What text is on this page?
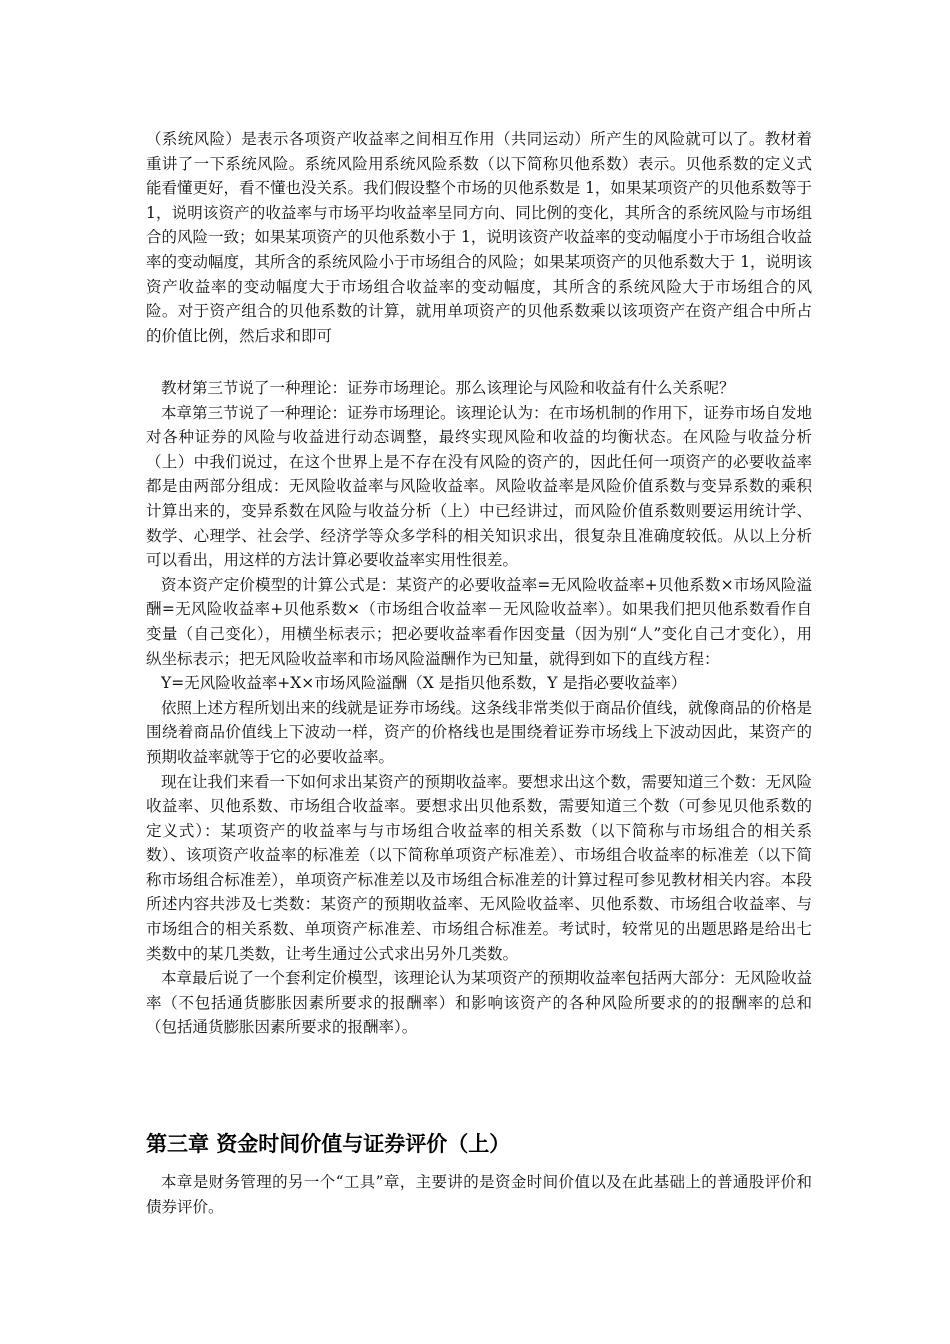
（系统风险）是表示各项资产收益率之间相互作用（共同运动）所产生的风险就可以了。教材着重讲了一下系统风险。系统风险用系统风险系数（以下简称贝他系数）表示。贝他系数的定义式能看懂更好，看不懂也没关系。我们假设整个市场的贝他系数是 1，如果某项资产的贝他系数等于 1，说明该资产的收益率与市场平均收益率呈同方向、同比例的变化，其所含的系统风险与市场组合的风险一致；如果某项资产的贝他系数小于 1，说明该资产收益率的变动幅度小于市场组合收益率的变动幅度，其所含的系统风险小于市场组合的风险；如果某项资产的贝他系数大于 1，说明该资产收益率的变动幅度大于市场组合收益率的变动幅度，其所含的系统风险大于市场组合的风险。对于资产组合的贝他系数的计算，就用单项资产的贝他系数乘以该项资产在资产组合中所占的价值比例，然后求和即可

教材第三节说了一种理论：证券市场理论。那么该理论与风险和收益有什么关系呢？

本章第三节说了一种理论：证券市场理论。该理论认为：在市场机制的作用下，证券市场自发地对各种证券的风险与收益进行动态调整，最终实现风险和收益的均衡状态。在风险与收益分析（上）中我们说过，在这个世界上是不存在没有风险的资产的，因此任何一项资产的必要收益率都是由两部分组成：无风险收益率与风险收益率。风险收益率是风险价值系数与变异系数的乘积计算出来的，变异系数在风险与收益分析（上）中已经讲过，而风险价值系数则要运用统计学、数学、心理学、社会学、经济学等众多学科的相关知识求出，很复杂且准确度较低。从以上分析可以看出，用这样的方法计算必要收益率实用性很差。

资本资产定价模型的计算公式是：某资产的必要收益率=无风险收益率+贝他系数×市场风险溢酬=无风险收益率+贝他系数×（市场组合收益率－无风险收益率）。如果我们把贝他系数看作自变量（自己变化），用横坐标表示；把必要收益率看作因变量（因为别“人”变化自己才变化），用纵坐标表示；把无风险收益率和市场风险溢酬作为已知量，就得到如下的直线方程：

Y=无风险收益率+X×市场风险溢酬（X 是指贝他系数，Y 是指必要收益率）

依照上述方程所划出来的线就是证券市场线。这条线非常类似于商品价值线，就像商品的价格是围绕着商品价值线上下波动一样，资产的价格线也是围绕着证券市场线上下波动因此，某资产的预期收益率就等于它的必要收益率。

现在让我们来看一下如何求出某资产的预期收益率。要想求出这个数，需要知道三个数：无风险收益率、贝他系数、市场组合收益率。要想求出贝他系数，需要知道三个数（可参见贝他系数的定义式）：某项资产的收益率与与市场组合收益率的相关系数（以下简称与市场组合的相关系数）、该项资产收益率的标准差（以下简称单项资产标准差）、市场组合收益率的标准差（以下简称市场组合标准差），单项资产标准差以及市场组合标准差的计算过程可参见教材相关内容。本段所述内容共涉及七类数：某资产的预期收益率、无风险收益率、贝他系数、市场组合收益率、与市场组合的相关系数、单项资产标准差、市场组合标准差。考试时，较常见的出题思路是给出七类数中的某几类数，让考生通过公式求出另外几类数。

本章最后说了一个套利定价模型，该理论认为某项资产的预期收益率包括两大部分：无风险收益率（不包括通货膨胀因素所要求的报酬率）和影响该资产的各种风险所要求的的报酬率的总和（包括通货膨胀因素所要求的报酬率）。

第三章 资金时间价值与证券评价（上）

本章是财务管理的另一个“工具”章，主要讲的是资金时间价值以及在此基础上的普通股评价和债券评价。
